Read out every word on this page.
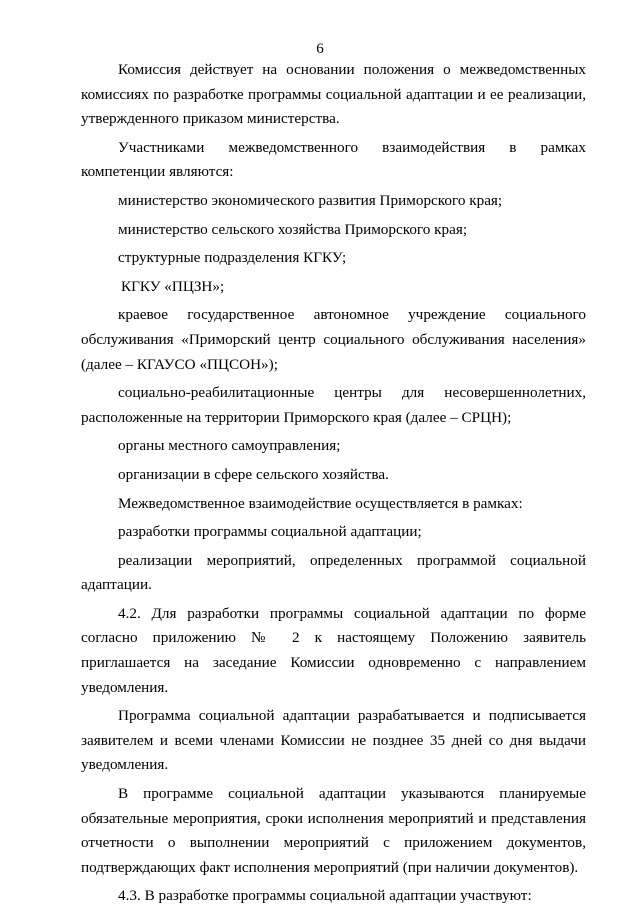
6

Комиссия действует на основании положения о межведомственных комиссиях по разработке программы социальной адаптации и ее реализации, утвержденного приказом министерства.

Участниками межведомственного взаимодействия в рамках компетенции являются:

министерство экономического развития Приморского края;

министерство сельского хозяйства Приморского края;

структурные подразделения КГКУ;

КГКУ «ПЦЗН»;

краевое государственное автономное учреждение социального обслуживания «Приморский центр социального обслуживания населения» (далее – КГАУСО «ПЦСОН»);

социально-реабилитационные центры для несовершеннолетних, расположенные на территории Приморского края (далее – СРЦН);

органы местного самоуправления;

организации в сфере сельского хозяйства.

Межведомственное взаимодействие осуществляется в рамках:

разработки программы социальной адаптации;

реализации мероприятий, определенных программой социальной адаптации.

4.2. Для разработки программы социальной адаптации по форме согласно приложению № 2 к настоящему Положению заявитель приглашается на заседание Комиссии одновременно с направлением уведомления.

Программа социальной адаптации разрабатывается и подписывается заявителем и всеми членами Комиссии не позднее 35 дней со дня выдачи уведомления.

В программе социальной адаптации указываются планируемые обязательные мероприятия, сроки исполнения мероприятий и представления отчетности о выполнении мероприятий с приложением документов, подтверждающих факт исполнения мероприятий (при наличии документов).

4.3. В разработке программы социальной адаптации участвуют:
